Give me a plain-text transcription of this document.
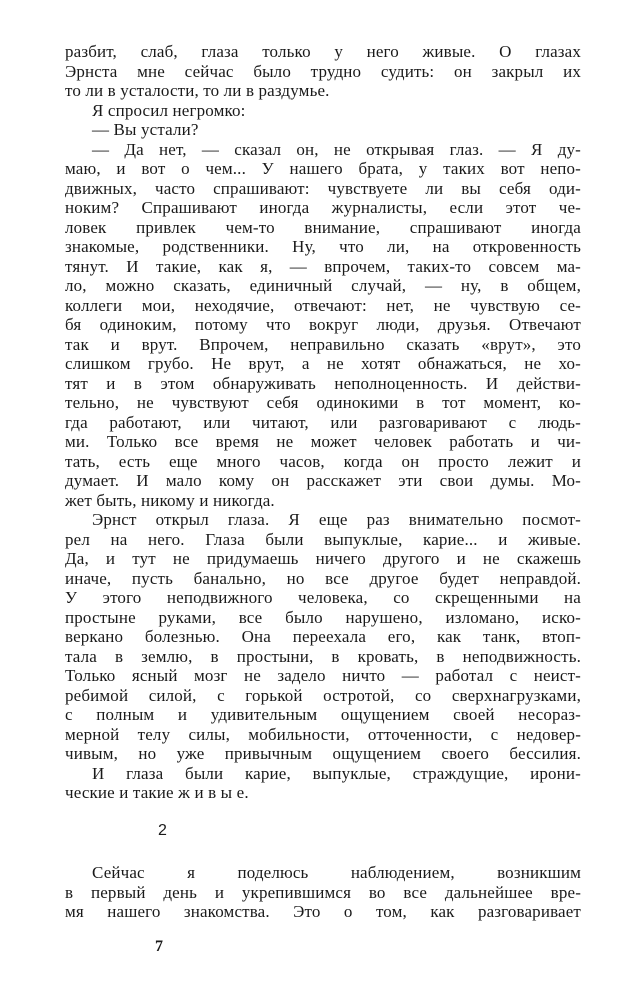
разбит, слаб, глаза только у него живые. О глазах
Эрнста мне сейчас было трудно судить: он закрыл их
то ли в усталости, то ли в раздумье.
Я спросил негромко:
— Вы устали?
— Да нет, — сказал он, не открывая глаз. — Я ду-
маю, и вот о чем... У нашего брата, у таких вот непо-
движных, часто спрашивают: чувствуете ли вы себя оди-
ноким? Спрашивают иногда журналисты, если этот че-
ловек привлек чем-то внимание, спрашивают иногда
знакомые, родственники. Ну, что ли, на откровенность
тянут. И такие, как я, — впрочем, таких-то совсем ма-
ло, можно сказать, единичный случай, — ну, в общем,
коллеги мои, неходячие, отвечают: нет, не чувствую се-
бя одиноким, потому что вокруг люди, друзья. Отвечают
так и врут. Впрочем, неправильно сказать «врут», это
слишком грубо. Не врут, а не хотят обнажаться, не хо-
тят и в этом обнаруживать неполноценность. И действи-
тельно, не чувствуют себя одинокими в тот момент, ко-
гда работают, или читают, или разговаривают с людь-
ми. Только все время не может человек работать и чи-
тать, есть еще много часов, когда он просто лежит и
думает. И мало кому он расскажет эти свои думы. Мо-
жет быть, никому и никогда.
Эрнст открыл глаза. Я еще раз внимательно посмот-
рел на него. Глаза были выпуклые, карие... и живые.
Да, и тут не придумаешь ничего другого и не скажешь
иначе, пусть банально, но все другое будет неправдой.
У этого неподвижного человека, со скрещенными на
простыне руками, все было нарушено, изломано, иско-
веркано болезнью. Она переехала его, как танк, втоп-
тала в землю, в простыни, в кровать, в неподвижность.
Только ясный мозг не задело ничто — работал с неист-
ребимой силой, с горькой остротой, со сверхнагрузками,
с полным и удивительным ощущением своей несораз-
мерной телу силы, мобильности, отточенности, с недовер-
чивым, но уже привычным ощущением своего бессилия.
И глаза были карие, выпуклые, страждущие, ирони-
ческие и такие ж и в ы е.
2
Сейчас я поделюсь наблюдением, возникшим
в первый день и укрепившимся во все дальнейшее вре-
мя нашего знакомства. Это о том, как разговаривает
7
